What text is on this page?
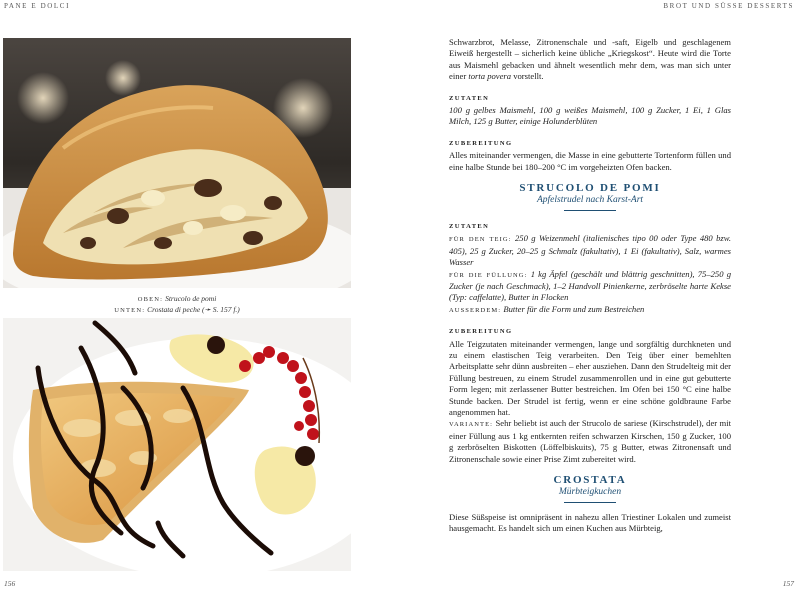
PANE E DOLCI	BROT UND SÜSSE DESSERTS
OBEN: Strucolo de pomi
UNTEN: Crostata di peche (➛ S. 157 f.)

Schwarzbrot, Melasse, Zitronenschale und -saft, Eigelb und geschlagenem Eiweiß hergestellt – sicherlich keine übliche „Kriegskost“. Heute wird die Torte aus Maismehl gebacken und ähnelt wesentlich mehr dem, was man sich unter einer torta povera vorstellt.

ZUTATEN

100 g gelbes Maismehl, 100 g weißes Maismehl, 100 g Zucker, 1 Ei, 1 Glas Milch, 125 g Butter, einige Holunderblüten

ZUBEREITUNG

Alles miteinander vermengen, die Masse in eine gebutterte Tortenform füllen und eine halbe Stunde bei 180–200 °C im vorgeheizten Ofen backen.

STRUCOLO DE POMI
Apfelstrudel nach Karst-Art
ZUTATEN

FÜR DEN TEIG: 250 g Weizenmehl (italienisches tipo 00 oder Type 480 bzw. 405), 25 g Zucker, 20–25 g Schmalz (fakultativ), 1 Ei (fakultativ), Salz, warmes Wasser

FÜR DIE FÜLLUNG: 1 kg Äpfel (geschält und blättrig geschnitten), 75–250 g Zucker (je nach Geschmack), 1–2 Handvoll Pinienkerne, zerbröselte harte Kekse (Typ: caffelatte), Butter in Flocken

AUSSERDEM: Butter für die Form und zum Bestreichen

ZUBEREITUNG

Alle Teigzutaten miteinander vermengen, lange und sorgfältig durchkneten und zu einem elastischen Teig verarbeiten. Den Teig über einer bemehlten Arbeitsplatte sehr dünn ausbreiten – eher ausziehen. Dann den Strudelteig mit der Füllung bestreuen, zu einem Strudel zusammenrollen und in eine gut gebutterte Form legen; mit zerlassener Butter bestreichen. Im Ofen bei 150 °C eine halbe Stunde backen. Der Strudel ist fertig, wenn er eine schöne goldbraune Farbe angenommen hat.

VARIANTE: Sehr beliebt ist auch der Strucolo de sariese (Kirschstrudel), der mit einer Füllung aus 1 kg entkernten reifen schwarzen Kirschen, 150 g Zucker, 100 g zerbröselten Biskotten (Löffelbiskuits), 75 g Butter, etwas Zitronensaft und Zitronenschale sowie einer Prise Zimt zubereitet wird.

CROSTATA
Mürbteigkuchen

Diese Süßspeise ist omnipräsent in nahezu allen Triestiner Lokalen und zumeist hausgemacht. Es handelt sich um einen Kuchen aus Mürbteig,

156	157
